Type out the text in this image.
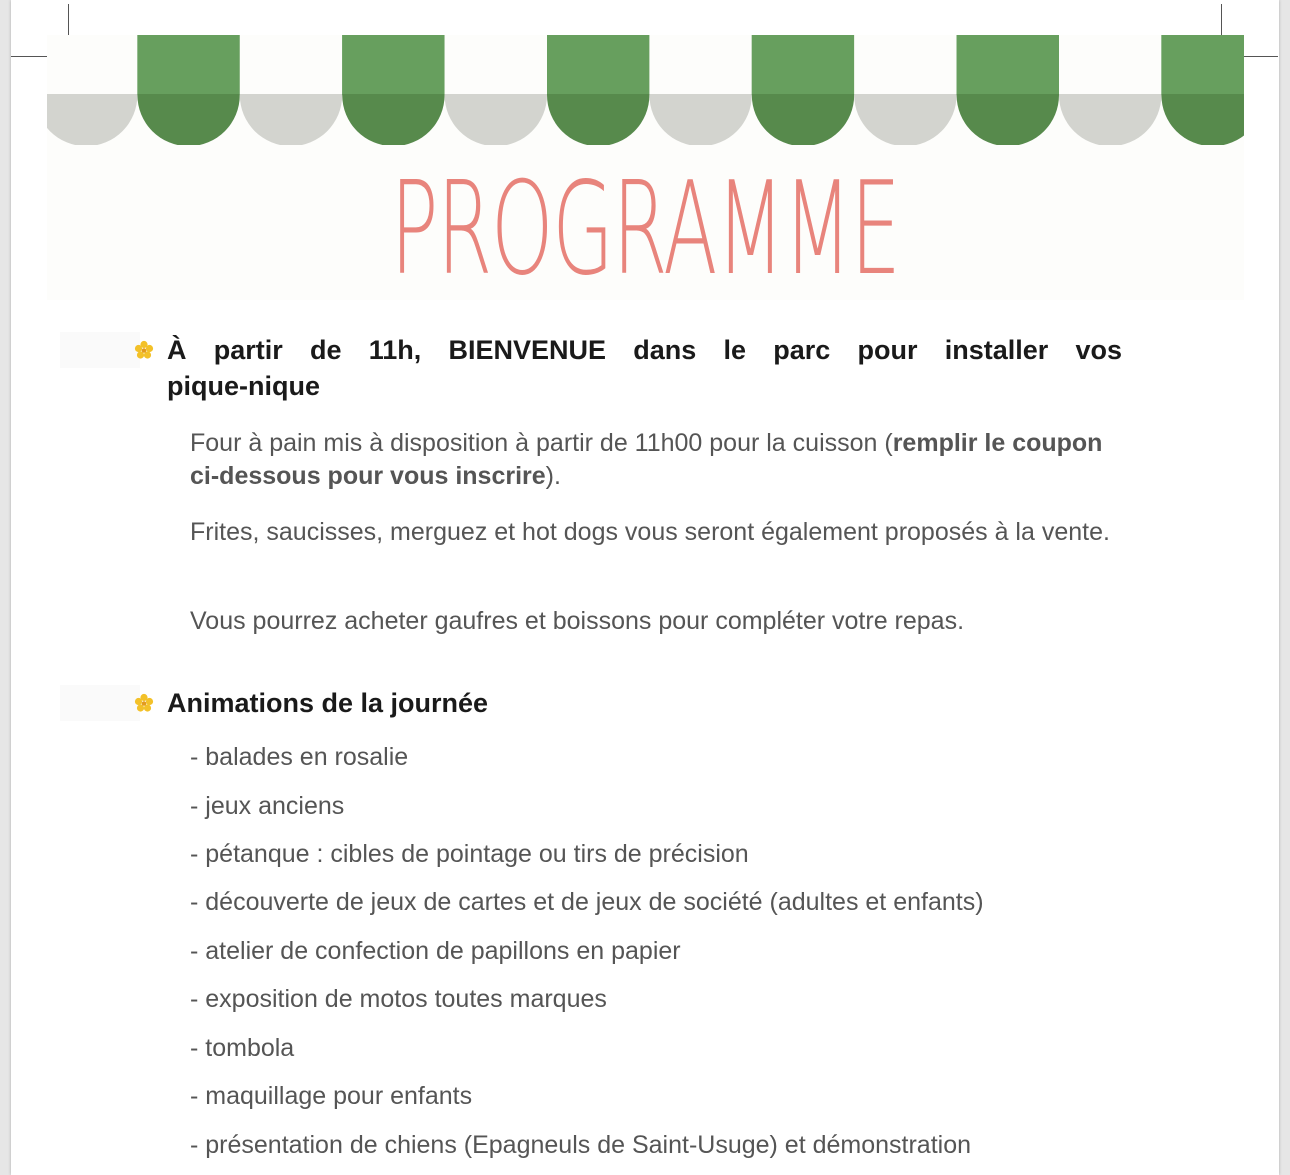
PROGRAMME
À partir de 11h, BIENVENUE dans le parc pour installer vos
pique-nique
Four à pain mis à disposition à partir de 11h00 pour la cuisson (remplir le coupon ci-dessous pour vous inscrire).
Frites, saucisses, merguez et hot dogs vous seront également proposés à la vente.
Vous pourrez acheter gaufres et boissons pour compléter votre repas.
Animations de la journée
- balades en rosalie
- jeux anciens
- pétanque : cibles de pointage ou tirs de précision
- découverte de jeux de cartes et de jeux de société (adultes et enfants)
- atelier de confection de papillons en papier
- exposition de motos toutes marques
- tombola
- maquillage pour enfants
- présentation de chiens (Epagneuls de Saint-Usuge) et démonstration
